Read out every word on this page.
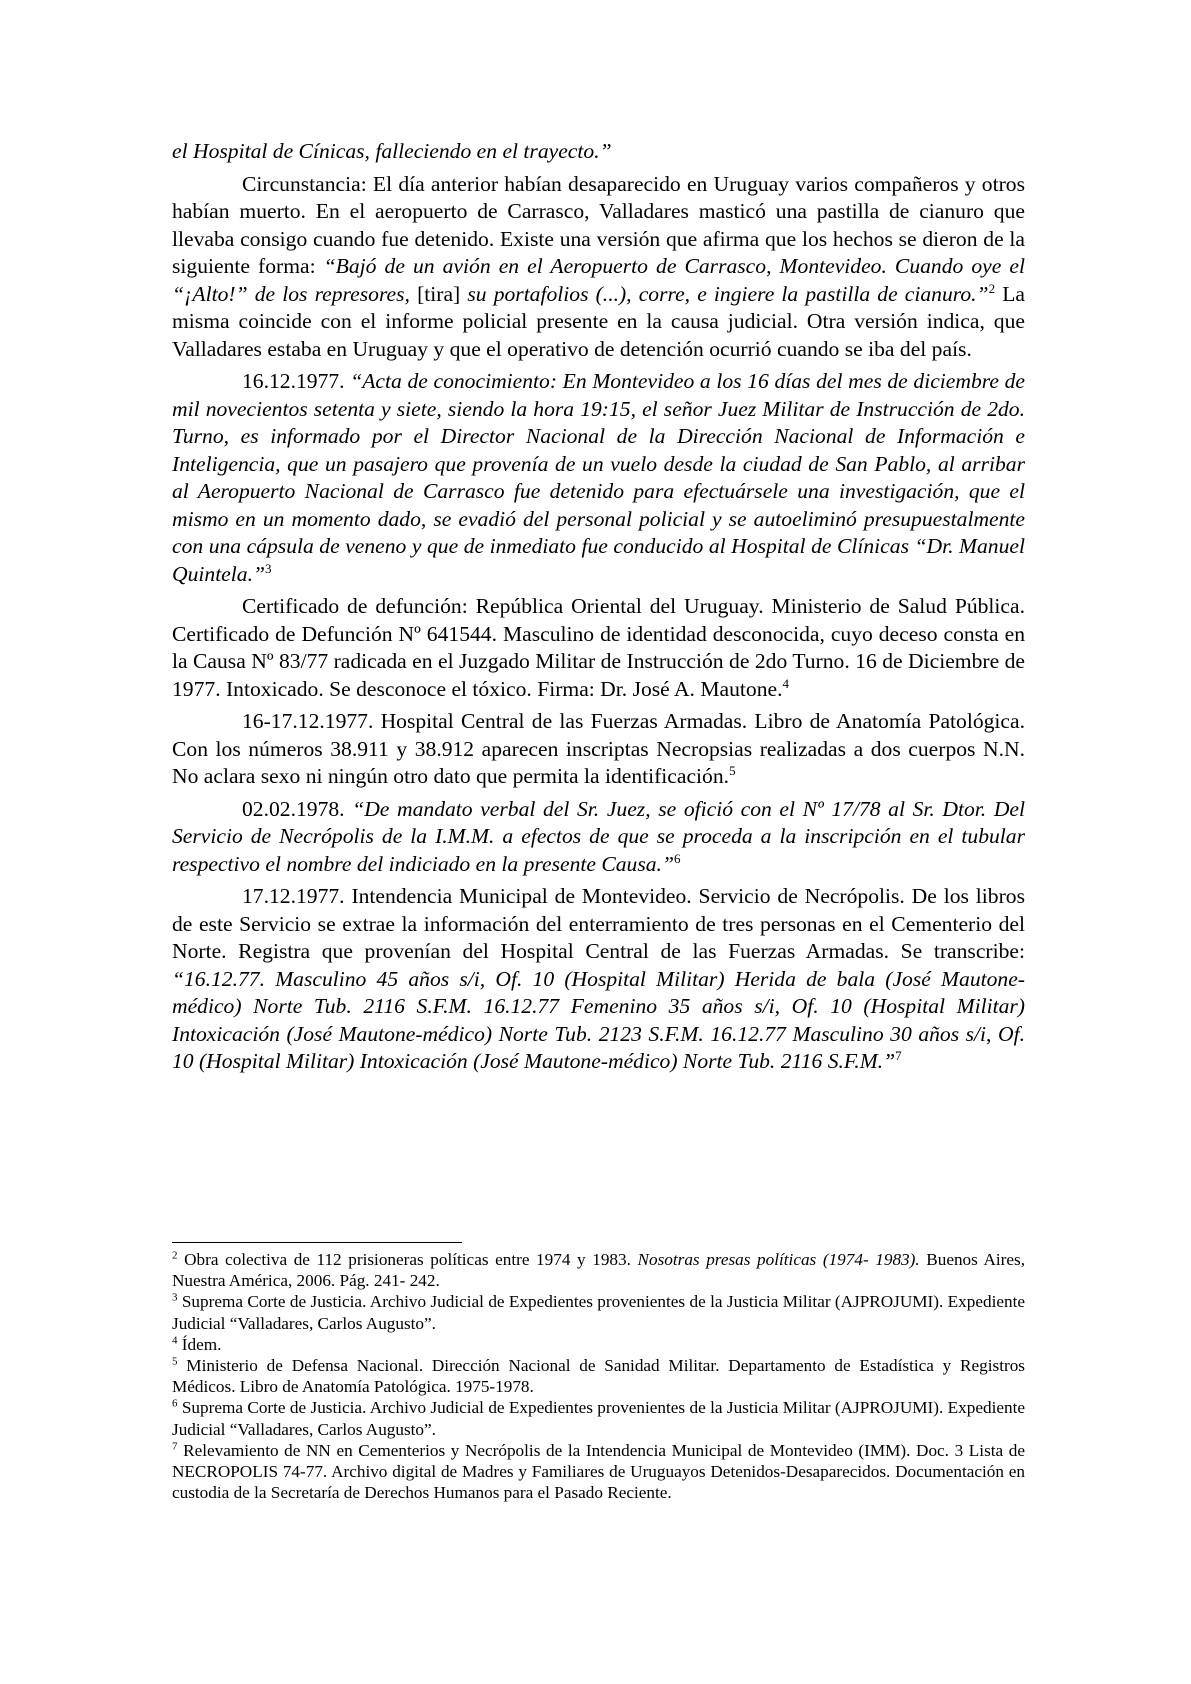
el Hospital de Cínicas, falleciendo en el trayecto.”

Circunstancia: El día anterior habían desaparecido en Uruguay varios compañeros y otros habían muerto. En el aeropuerto de Carrasco, Valladares masticó una pastilla de cianuro que llevaba consigo cuando fue detenido. Existe una versión que afirma que los hechos se dieron de la siguiente forma: “Bajó de un avión en el Aeropuerto de Carrasco, Montevideo. Cuando oye el “¡Alto!” de los represores, [tira] su portafolios (...), corre, e ingiere la pastilla de cianuro.”$^2$ La misma coincide con el informe policial presente en la causa judicial. Otra versión indica, que Valladares estaba en Uruguay y que el operativo de detención ocurrió cuando se iba del país.

16.12.1977. “Acta de conocimiento: En Montevideo a los 16 días del mes de diciembre de mil novecientos setenta y siete, siendo la hora 19:15, el señor Juez Militar de Instrucción de 2do. Turno, es informado por el Director Nacional de la Dirección Nacional de Información e Inteligencia, que un pasajero que provenía de un vuelo desde la ciudad de San Pablo, al arribar al Aeropuerto Nacional de Carrasco fue detenido para efectuársele una investigación, que el mismo en un momento dado, se evadió del personal policial y se autoeliminó presupuestalmente con una cápsula de veneno y que de inmediato fue conducido al Hospital de Clínicas “Dr. Manuel Quintela.”$^3$

Certificado de defunción: República Oriental del Uruguay. Ministerio de Salud Pública. Certificado de Defunción Nº 641544. Masculino de identidad desconocida, cuyo deceso consta en la Causa Nº 83/77 radicada en el Juzgado Militar de Instrucción de 2do Turno. 16 de Diciembre de 1977. Intoxicado. Se desconoce el tóxico. Firma: Dr. José A. Mautone.$^4$

16-17.12.1977. Hospital Central de las Fuerzas Armadas. Libro de Anatomía Patológica. Con los números 38.911 y 38.912 aparecen inscriptas Necropsias realizadas a dos cuerpos N.N. No aclara sexo ni ningún otro dato que permita la identificación.$^5$

02.02.1978. “De mandato verbal del Sr. Juez, se ofició con el Nº 17/78 al Sr. Dtor. Del Servicio de Necrópolis de la I.M.M. a efectos de que se proceda a la inscripción en el tubular respectivo el nombre del indiciado en la presente Causa.”$^6$

17.12.1977. Intendencia Municipal de Montevideo. Servicio de Necrópolis. De los libros de este Servicio se extrae la información del enterramiento de tres personas en el Cementerio del Norte. Registra que provenían del Hospital Central de las Fuerzas Armadas. Se transcribe: “16.12.77. Masculino 45 años s/i, Of. 10 (Hospital Militar) Herida de bala (José Mautone-médico) Norte Tub. 2116 S.F.M. 16.12.77 Femenino 35 años s/i, Of. 10 (Hospital Militar) Intoxicación (José Mautone-médico) Norte Tub. 2123 S.F.M. 16.12.77 Masculino 30 años s/i, Of. 10 (Hospital Militar) Intoxicación (José Mautone-médico) Norte Tub. 2116 S.F.M.”$^7$

$^2$ Obra colectiva de 112 prisioneras políticas entre 1974 y 1983. Nosotras presas políticas (1974- 1983). Buenos Aires, Nuestra América, 2006. Pág. 241- 242.

$^3$ Suprema Corte de Justicia. Archivo Judicial de Expedientes provenientes de la Justicia Militar (AJPROJUMI). Expediente Judicial “Valladares, Carlos Augusto”.

$^4$ Ídem.

$^5$ Ministerio de Defensa Nacional. Dirección Nacional de Sanidad Militar. Departamento de Estadística y Registros Médicos. Libro de Anatomía Patológica. 1975-1978.

$^6$ Suprema Corte de Justicia. Archivo Judicial de Expedientes provenientes de la Justicia Militar (AJPROJUMI). Expediente Judicial “Valladares, Carlos Augusto”.

$^7$ Relevamiento de NN en Cementerios y Necrópolis de la Intendencia Municipal de Montevideo (IMM). Doc. 3 Lista de NECROPOLIS 74-77. Archivo digital de Madres y Familiares de Uruguayos Detenidos-Desaparecidos. Documentación en custodia de la Secretaría de Derechos Humanos para el Pasado Reciente.
